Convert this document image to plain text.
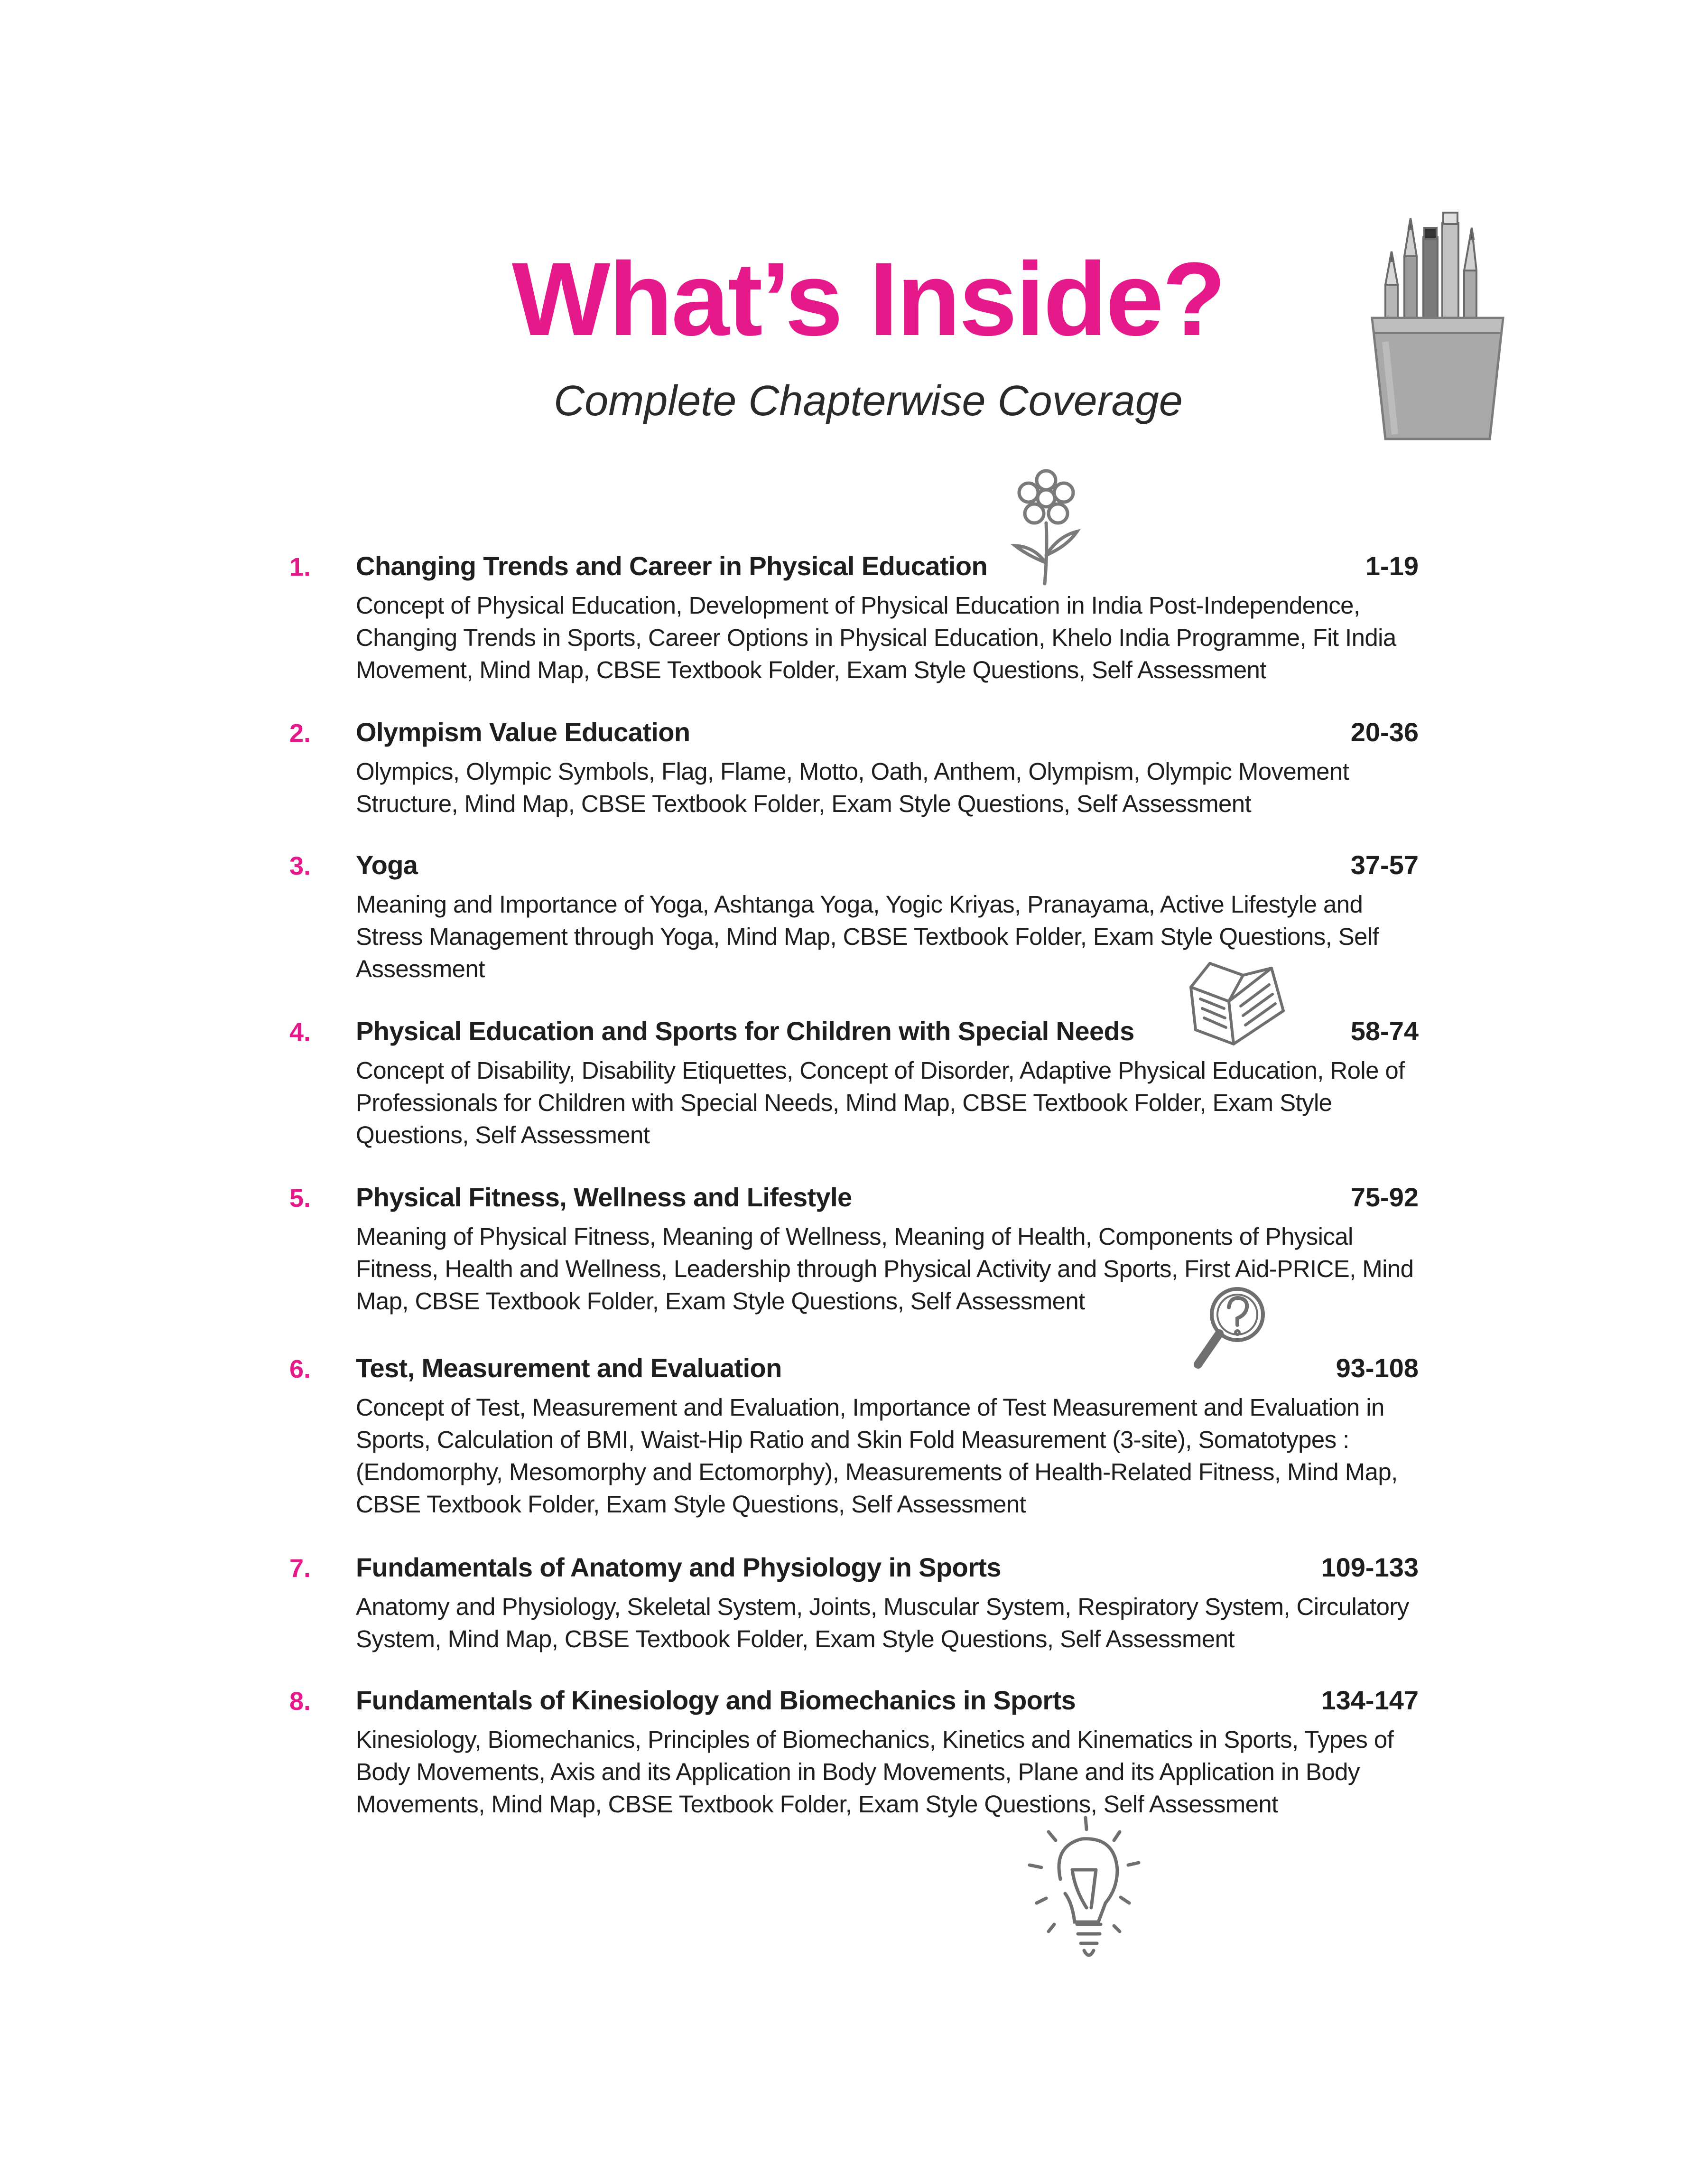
What’s Inside?
Complete Chapterwise Coverage
1.	Changing Trends and Career in Physical Education	1-19
Concept of Physical Education, Development of Physical Education in India Post-Independence, Changing Trends in Sports, Career Options in Physical Education, Khelo India Programme, Fit India Movement, Mind Map, CBSE Textbook Folder, Exam Style Questions, Self Assessment
2.	Olympism Value Education	20-36
Olympics, Olympic Symbols, Flag, Flame, Motto, Oath, Anthem, Olympism, Olympic Movement Structure, Mind Map, CBSE Textbook Folder, Exam Style Questions, Self Assessment
3.	Yoga	37-57
Meaning and Importance of Yoga, Ashtanga Yoga, Yogic Kriyas, Pranayama, Active Lifestyle and Stress Management through Yoga, Mind Map, CBSE Textbook Folder, Exam Style Questions, Self Assessment
4.	Physical Education and Sports for Children with Special Needs	58-74
Concept of Disability, Disability Etiquettes, Concept of Disorder, Adaptive Physical Education, Role of Professionals for Children with Special Needs, Mind Map, CBSE Textbook Folder, Exam Style Questions, Self Assessment
5.	Physical Fitness, Wellness and Lifestyle	75-92
Meaning of Physical Fitness, Meaning of Wellness, Meaning of Health, Components of Physical Fitness, Health and Wellness, Leadership through Physical Activity and Sports, First Aid-PRICE, Mind Map, CBSE Textbook Folder, Exam Style Questions, Self Assessment
6.	Test, Measurement and Evaluation	93-108
Concept of Test, Measurement and Evaluation, Importance of Test Measurement and Evaluation in Sports, Calculation of BMI, Waist-Hip Ratio and Skin Fold Measurement (3-site), Somatotypes : (Endomorphy, Mesomorphy and Ectomorphy), Measurements of Health-Related Fitness, Mind Map, CBSE Textbook Folder, Exam Style Questions, Self Assessment
7.	Fundamentals of Anatomy and Physiology in Sports	109-133
Anatomy and Physiology, Skeletal System, Joints, Muscular System, Respiratory System, Circulatory System, Mind Map, CBSE Textbook Folder, Exam Style Questions, Self Assessment
8.	Fundamentals of Kinesiology and Biomechanics in Sports	134-147
Kinesiology, Biomechanics, Principles of Biomechanics, Kinetics and Kinematics in Sports, Types of Body Movements, Axis and its Application in Body Movements, Plane and its Application in Body Movements, Mind Map, CBSE Textbook Folder, Exam Style Questions, Self Assessment
